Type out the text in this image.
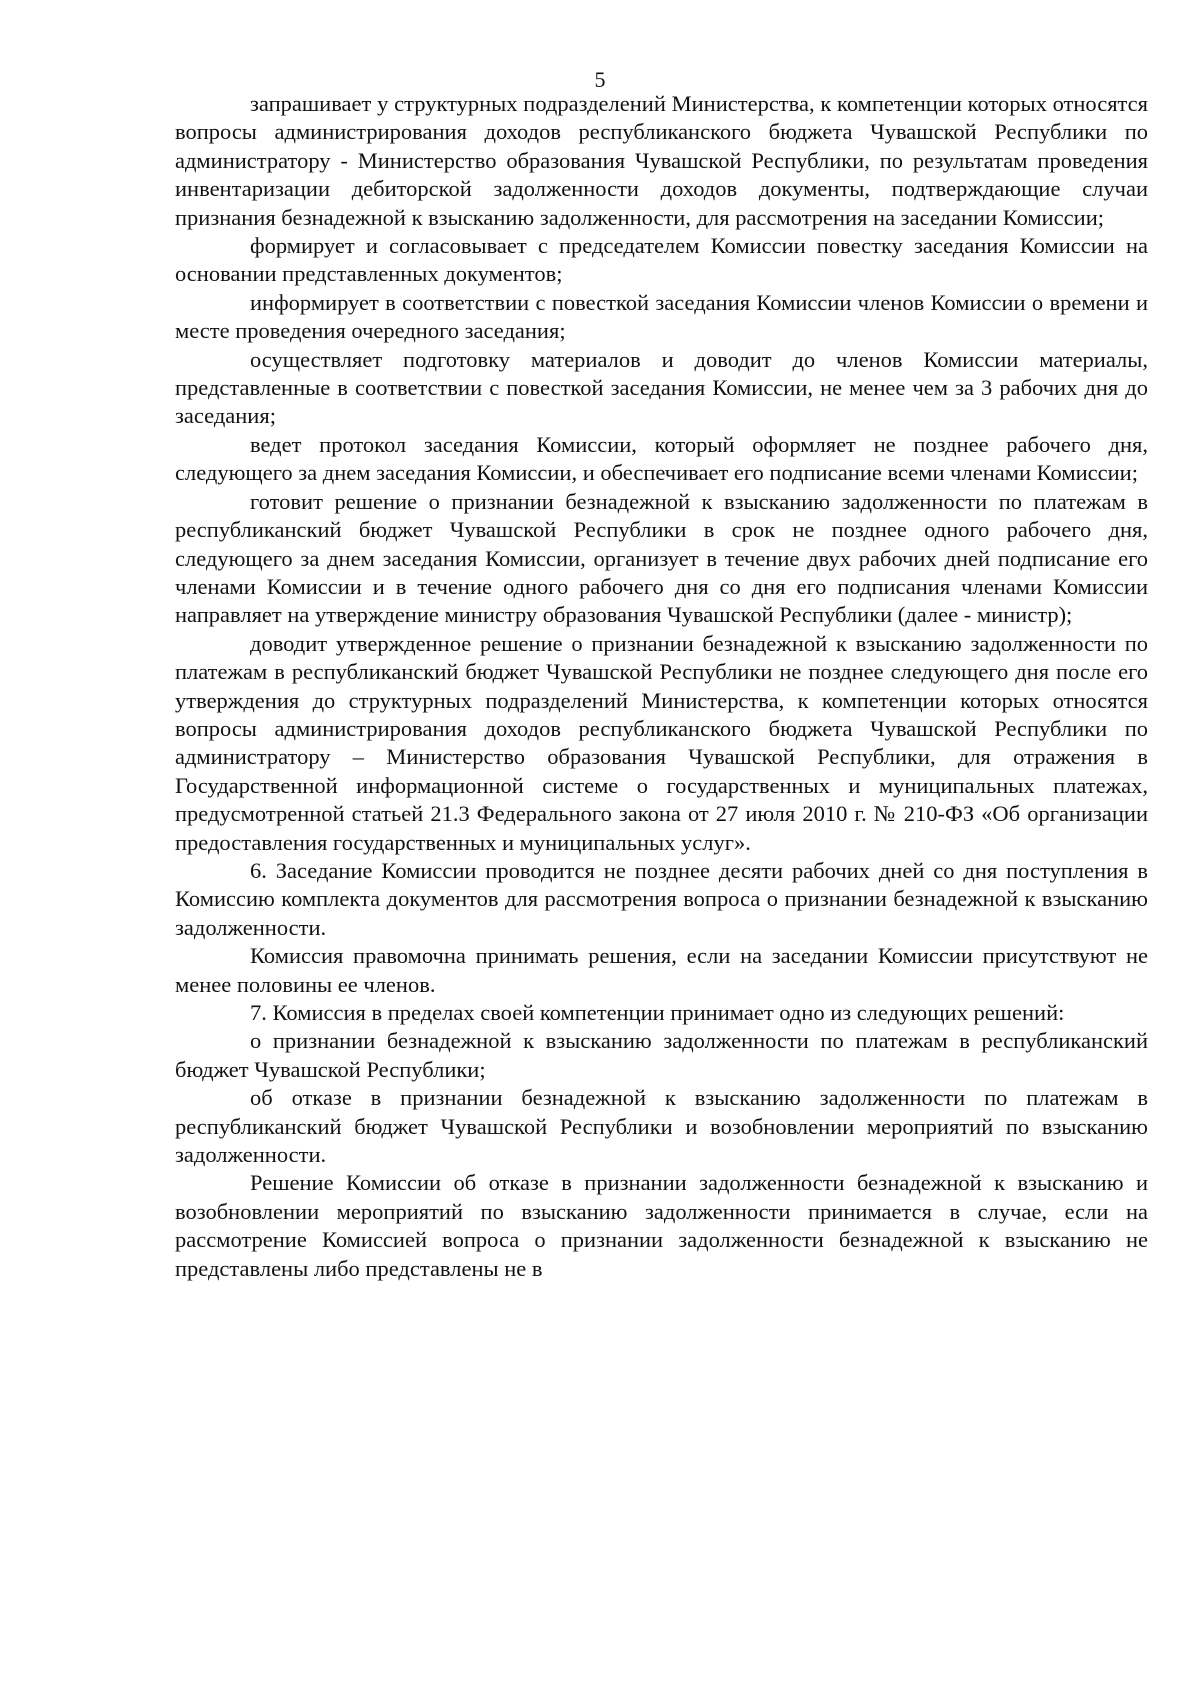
5

запрашивает у структурных подразделений Министерства, к компетенции которых относятся вопросы администрирования доходов республиканского бюджета Чувашской Республики по администратору - Министерство образования Чувашской Республики, по результатам проведения инвентаризации дебиторской задолженности доходов документы, подтверждающие случаи признания безнадежной к взысканию задолженности, для рассмотрения на заседании Комиссии;

формирует и согласовывает с председателем Комиссии повестку заседания Комиссии на основании представленных документов;

информирует в соответствии с повесткой заседания Комиссии членов Комиссии о времени и месте проведения очередного заседания;

осуществляет подготовку материалов и доводит до членов Комиссии материалы, представленные в соответствии с повесткой заседания Комиссии, не менее чем за 3 рабочих дня до заседания;

ведет протокол заседания Комиссии, который оформляет не позднее рабочего дня, следующего за днем заседания Комиссии, и обеспечивает его подписание всеми членами Комиссии;

готовит решение о признании безнадежной к взысканию задолженности по платежам в республиканский бюджет Чувашской Республики в срок не позднее одного рабочего дня, следующего за днем заседания Комиссии, организует в течение двух рабочих дней подписание его членами Комиссии и в течение одного рабочего дня со дня его подписания членами Комиссии направляет на утверждение министру образования Чувашской Республики (далее - министр);

доводит утвержденное решение о признании безнадежной к взысканию задолженности по платежам в республиканский бюджет Чувашской Республики не позднее следующего дня после его утверждения до структурных подразделений Министерства, к компетенции которых относятся вопросы администрирования доходов республиканского бюджета Чувашской Республики по администратору – Министерство образования Чувашской Республики, для отражения в Государственной информационной системе о государственных и муниципальных платежах, предусмотренной статьей 21.3 Федерального закона от 27 июля 2010 г. № 210-ФЗ «Об организации предоставления государственных и муниципальных услуг».

6. Заседание Комиссии проводится не позднее десяти рабочих дней со дня поступления в Комиссию комплекта документов для рассмотрения вопроса о признании безнадежной к взысканию задолженности.

Комиссия правомочна принимать решения, если на заседании Комиссии присутствуют не менее половины ее членов.

7. Комиссия в пределах своей компетенции принимает одно из следующих решений:

о признании безнадежной к взысканию задолженности по платежам в республиканский бюджет Чувашской Республики;

об отказе в признании безнадежной к взысканию задолженности по платежам в республиканский бюджет Чувашской Республики и возобновлении мероприятий по взысканию задолженности.

Решение Комиссии об отказе в признании задолженности безнадежной к взысканию и возобновлении мероприятий по взысканию задолженности принимается в случае, если на рассмотрение Комиссией вопроса о признании задолженности безнадежной к взысканию не представлены либо представлены не в
